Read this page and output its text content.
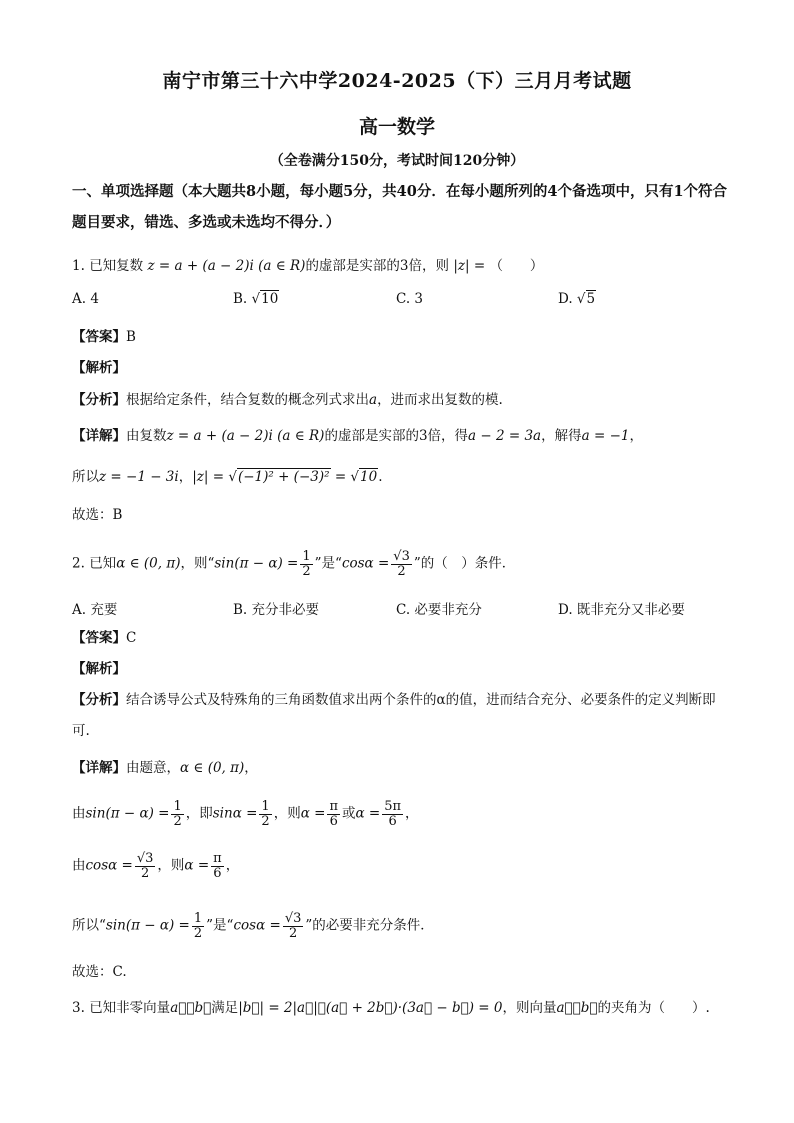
南宁市第三十六中学2024-2025（下）三月月考试题
高一数学
（全卷满分150分，考试时间120分钟）
一、单项选择题（本大题共8小题，每小题5分，共40分．在每小题所列的4个备选项中，只有1个符合题目要求，错选、多选或未选均不得分．）
1. 已知复数 z = a + (a − 2)i (a ∈ R)的虚部是实部的3倍，则 |z| = （　　）
A. 4	B. √10	C. 3	D. √5
【答案】B
【解析】
【分析】根据给定条件，结合复数的概念列式求出a，进而求出复数的模.
【详解】由复数z = a + (a − 2)i (a ∈ R)的虚部是实部的3倍，得a − 2 = 3a，解得a = −1，
所以z = −1 − 3i，|z| = √(−1)² + (−3)² = √10.
故选：B
2. 已知α ∈ (0, π)，则“$\sin(\pi - \alpha) = \frac{1}{2}$ ”是“$\cos\alpha = \frac{√3}{2}$ ”的（　）条件．
A. 充要	B. 充分非必要	C. 必要非充分	D. 既非充分又非必要
【答案】C
【解析】
【分析】结合诱导公式及特殊角的三角函数值求出两个条件的α的值，进而结合充分、必要条件的定义判断即可.
【详解】由题意，α ∈ (0, π)，
由$\sin(\pi - \alpha) = \frac{1}{2}$ ，即$\sin\alpha = \frac{1}{2}$ ，则$\alpha = \frac{\pi}{6}$ 或$\alpha = \frac{5\pi}{6}$ ，
由$\cos\alpha = \frac{√3}{2}$ ，则$\alpha = \frac{\pi}{6}$ ，
所以“$\sin(\pi - \alpha) = \frac{1}{2}$ ”是“$\cos\alpha = \frac{√3}{2}$ ”的必要非充分条件．
故选：C.
3. 已知非零向量a⃗，b⃗满足|b⃗| = 2|a⃗|，(a⃗ + 2b⃗)·(3a⃗ − b⃗) = 0，则向量a⃗，b⃗的夹角为（　　）.
